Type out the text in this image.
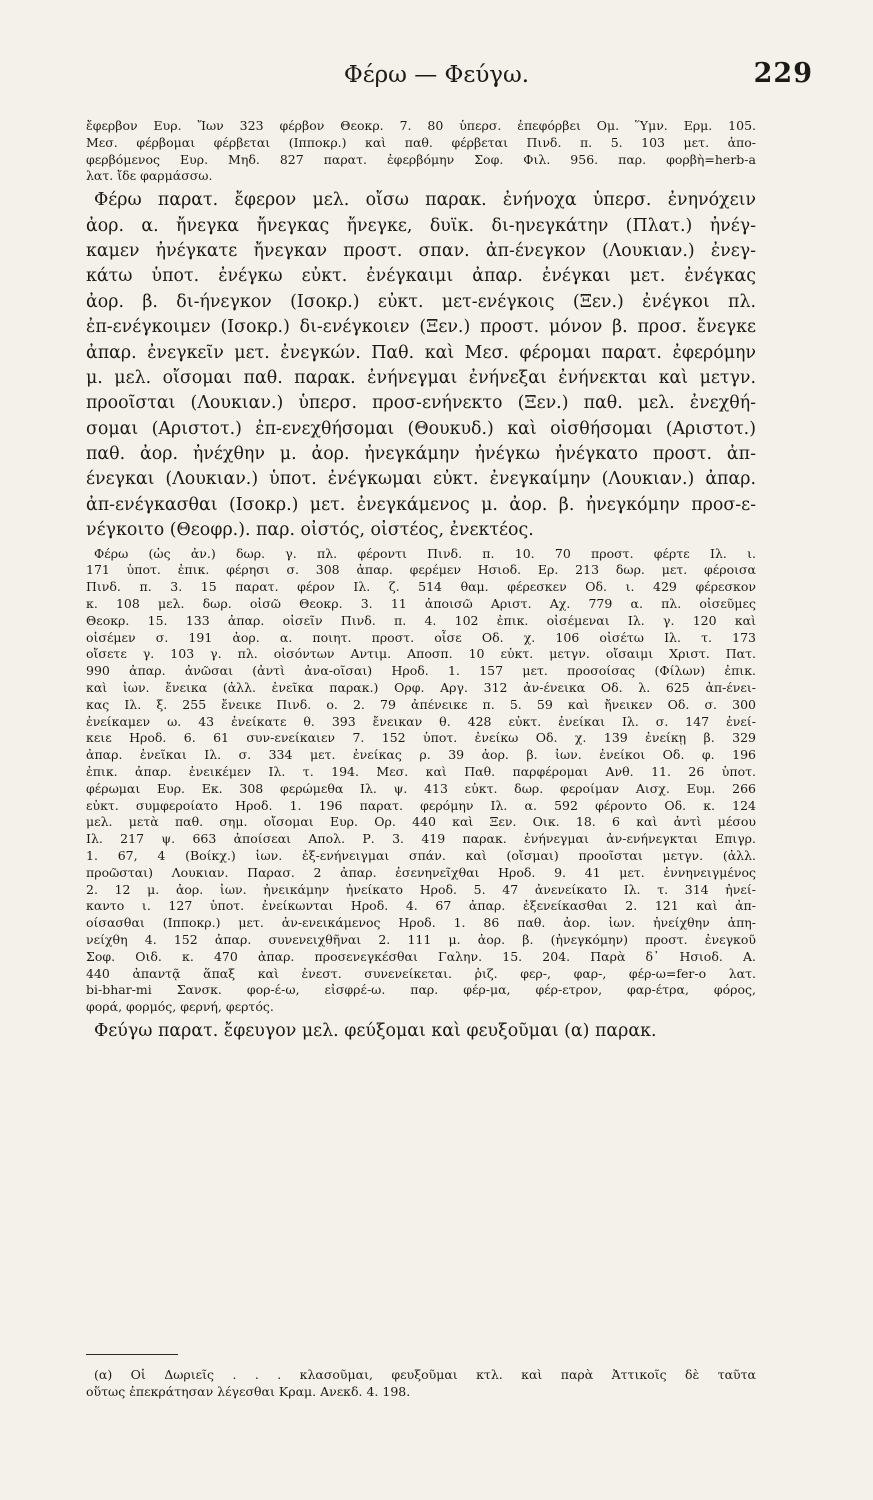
Φέρω — Φεύγω.	229
ἔφερβον Ευρ. Ἴων 323 φέρβον Θεοκρ. 7. 80 ὑπερσ. ἐπεφόρβει Ομ. Ὕμν. Ερμ. 105.
Μεσ. φέρβομαι φέρβεται (Ιπποκρ.) καὶ παθ. φέρβεται Πινδ. π. 5. 103 μετ. ἀπο-
φερβόμενος Ευρ. Μηδ. 827 παρατ. ἐφερβόμην Σοφ. Φιλ. 956. παρ. φορβὴ=herb-a
λατ. ἴδε φαρμάσσω.
Φέρω παρατ. ἔφερον μελ. οἴσω παρακ. ἐνήνοχα ὑπερσ. ἐνηνόχειν
ἀορ. α. ἤνεγκα ἤνεγκας ἤνεγκε, δυϊκ. δι-ηνεγκάτην (Πλατ.) ἠνέγ-
καμεν ἠνέγκατε ἤνεγκαν προστ. σπαν. ἀπ-ένεγκον (Λουκιαν.) ἐνεγ-
κάτω ὑποτ. ἐνέγκω εὐκτ. ἐνέγκαιμι ἀπαρ. ἐνέγκαι μετ. ἐνέγκας
ἀορ. β. δι-ήνεγκον (Ισοκρ.) εὐκτ. μετ-ενέγκοις (Ξεν.) ἐνέγκοι πλ.
ἐπ-ενέγκοιμεν (Ισοκρ.) δι-ενέγκοιεν (Ξεν.) προστ. μόνον β. προσ. ἔνεγκε
ἀπαρ. ἐνεγκεῖν μετ. ἐνεγκών. Παθ. καὶ Μεσ. φέρομαι παρατ. ἐφερόμην
μ. μελ. οἴσομαι παθ. παρακ. ἐνήνεγμαι ἐνήνεξαι ἐνήνεκται καὶ μετγν.
προοῖσται (Λουκιαν.) ὑπερσ. προσ-ενήνεκτο (Ξεν.) παθ. μελ. ἐνεχθή-
σομαι (Αριστοτ.) ἐπ-ενεχθήσομαι (Θουκυδ.) καὶ οἰσθήσομαι (Αριστοτ.)
παθ. ἀορ. ἠνέχθην μ. ἀορ. ἠνεγκάμην ἠνέγκω ἠνέγκατο προστ. ἀπ-
ένεγκαι (Λουκιαν.) ὑποτ. ἐνέγκωμαι εὐκτ. ἐνεγκαίμην (Λουκιαν.) ἀπαρ.
ἀπ-ενέγκασθαι (Ισοκρ.) μετ. ἐνεγκάμενος μ. ἀορ. β. ἠνεγκόμην προσ-ε-
νέγκοιτο (Θεοφρ.). παρ. οἰστός, οἰστέος, ἐνεκτέος.
Φέρω (ὡς ἀν.) δωρ. γ. πλ. φέροντι Πινδ. π. 10. 70 προστ. φέρτε Ιλ. ι.
171 ὑποτ. ἐπικ. φέρησι σ. 308 ἀπαρ. φερέμεν Ησιοδ. Ερ. 213 δωρ. μετ. φέροισα
Πινδ. π. 3. 15 παρατ. φέρον Ιλ. ζ. 514 θαμ. φέρεσκεν Οδ. ι. 429 φέρεσκον
κ. 108 μελ. δωρ. οἰσῶ Θεοκρ. 3. 11 ἀποισῶ Αριστ. Αχ. 779 α. πλ. οἰσεῦμες
Θεοκρ. 15. 133 ἀπαρ. οἰσεῖν Πινδ. π. 4. 102 ἐπικ. οἰσέμεναι Ιλ. γ. 120 καὶ
οἰσέμεν σ. 191 ἀορ. α. ποιητ. προστ. οἶσε Οδ. χ. 106 οἰσέτω Ιλ. τ. 173
οἴσετε γ. 103 γ. πλ. οἰσόντων Αντιμ. Αποσπ. 10 εὐκτ. μετγν. οἴσαιμι Χριστ. Πατ.
990 ἀπαρ. ἀνῶσαι (ἀντὶ ἀνα-οῖσαι) Ηροδ. 1. 157 μετ. προσοίσας (Φίλων) ἐπικ.
καὶ ἰων. ἔνεικα (ἀλλ. ἐνεῖκα παρακ.) Ορφ. Αργ. 312 ἀν-ένεικα Οδ. λ. 625 ἀπ-ένει-
κας Ιλ. ξ. 255 ἔνεικε Πινδ. ο. 2. 79 ἀπένεικε π. 5. 59 καὶ ἤνεικεν Οδ. σ. 300
ἐνείκαμεν ω. 43 ἐνείκατε θ. 393 ἔνεικαν θ. 428 εὐκτ. ἐνείκαι Ιλ. σ. 147 ἐνεί-
κειε Ηροδ. 6. 61 συν-ενείκαιεν 7. 152 ὑποτ. ἐνείκω Οδ. χ. 139 ἐνείκῃ β. 329
ἀπαρ. ἐνεῖκαι Ιλ. σ. 334 μετ. ἐνείκας ρ. 39 ἀορ. β. ἰων. ἐνείκοι Οδ. φ. 196
ἐπικ. ἀπαρ. ἐνεικέμεν Ιλ. τ. 194. Μεσ. καὶ Παθ. παρφέρομαι Ανθ. 11. 26 ὑποτ.
φέρωμαι Ευρ. Εκ. 308 φερώμεθα Ιλ. ψ. 413 εὐκτ. δωρ. φεροίμαν Αισχ. Ευμ. 266
εὐκτ. συμφεροίατο Ηροδ. 1. 196 παρατ. φερόμην Ιλ. α. 592 φέροντο Οδ. κ. 124
μελ. μετὰ παθ. σημ. οἴσομαι Ευρ. Ορ. 440 καὶ Ξεν. Οικ. 18. 6 καὶ ἀντὶ μέσου
Ιλ. 217 ψ. 663 ἀποίσεαι Απολ. Ρ. 3. 419 παρακ. ἐνήνεγμαι ἀν-ενήνεγκται Επιγρ.
1. 67, 4 (Βοίκχ.) ἰων. ἐξ-ενήνειγμαι σπάν. καὶ (οἴσμαι) προοῖσται μετγν. (ἀλλ.
προῶσται) Λουκιαν. Παρασ. 2 ἀπαρ. ἐσενηνεῖχθαι Ηροδ. 9. 41 μετ. ἐννηνειγμένος
2. 12 μ. ἀορ. ἰων. ἠνεικάμην ἠνείκατο Ηροδ. 5. 47 ἀνενείκατο Ιλ. τ. 314 ἠνεί-
καντο ι. 127 ὑποτ. ἐνείκωνται Ηροδ. 4. 67 ἀπαρ. ἐξενείκασθαι 2. 121 καὶ ἀπ-
οίσασθαι (Ιπποκρ.) μετ. ἀν-ενεικάμενος Ηροδ. 1. 86 παθ. ἀορ. ἰων. ἠνείχθην ἀπη-
νείχθη 4. 152 ἀπαρ. συνενειχθῆναι 2. 111 μ. ἀορ. β. (ἠνεγκόμην) προστ. ἐνεγκοῦ
Σοφ. Οιδ. κ. 470 ἀπαρ. προσενεγκέσθαι Γαλην. 15. 204. Παρὰ δ᾽ Ησιοδ. Α.
440 ἀπαντᾷ ἅπαξ καὶ ἐνεστ. συνενείκεται. ῥιζ. φερ-, φαρ-, φέρ-ω=fer-o λατ.
bi-bhar-mi Σανσκ. φορ-έ-ω, εἰσφρέ-ω. παρ. φέρ-μα, φέρ-ετρον, φαρ-έτρα, φόρος,
φορά, φορμός, φερνή, φερτός.
Φεύγω παρατ. ἔφευγον μελ. φεύξομαι καὶ φευξοῦμαι (α) παρακ.
(α) Οἱ Δωριεῖς . . . κλασοῦμαι, φευξοῦμαι κτλ. καὶ παρὰ Ἀττικοῖς δὲ ταῦτα
οὕτως ἐπεκράτησαν λέγεσθαι Κραμ. Ανεκδ. 4. 198.
